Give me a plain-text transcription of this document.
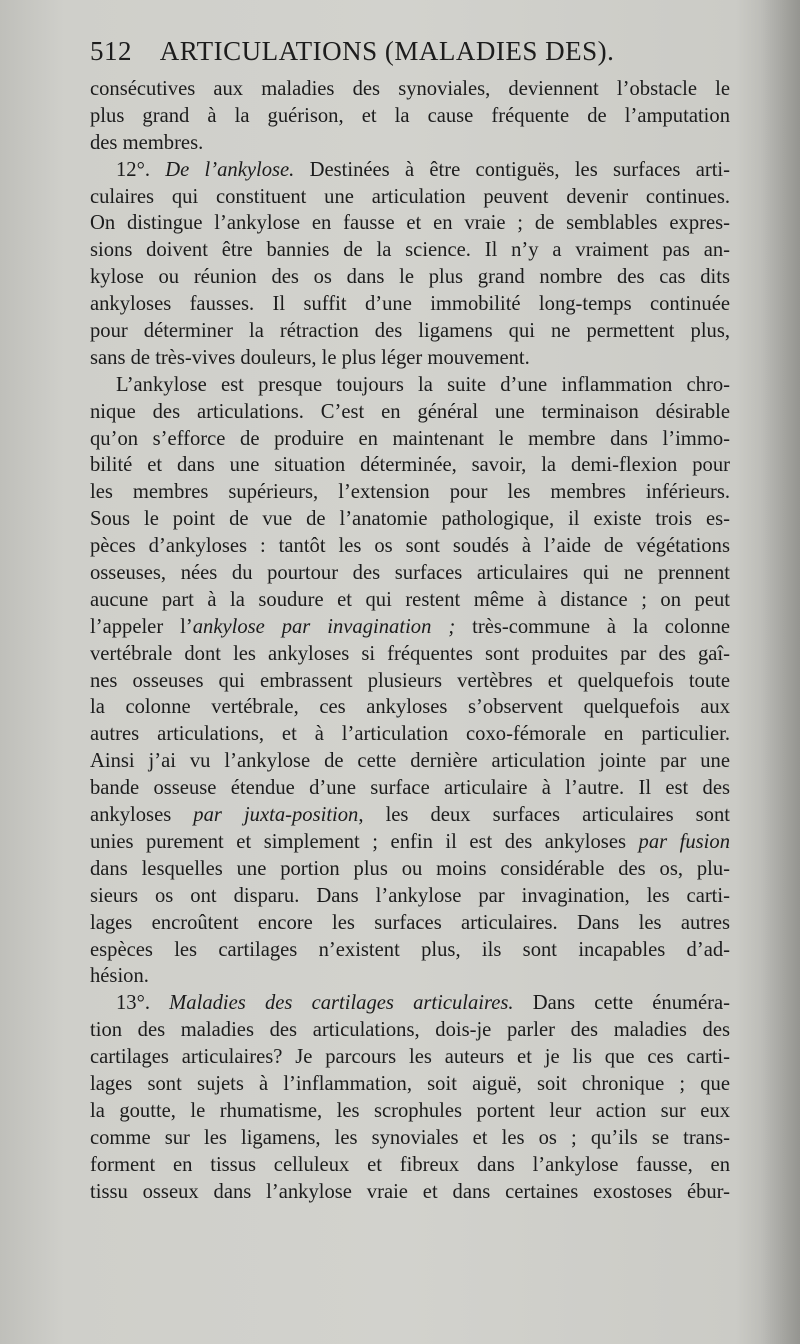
512 ARTICULATIONS (MALADIES DES).
consécutives aux maladies des synoviales, deviennent l’obstacle le
plus grand à la guérison, et la cause fréquente de l’amputation
des membres.
12°. De l’ankylose. Destinées à être contiguës, les surfaces arti-
culaires qui constituent une articulation peuvent devenir continues.
On distingue l’ankylose en fausse et en vraie ; de semblables expres-
sions doivent être bannies de la science. Il n’y a vraiment pas an-
kylose ou réunion des os dans le plus grand nombre des cas dits
ankyloses fausses. Il suffit d’une immobilité long-temps continuée
pour déterminer la rétraction des ligamens qui ne permettent plus,
sans de très-vives douleurs, le plus léger mouvement.
L’ankylose est presque toujours la suite d’une inflammation chro-
nique des articulations. C’est en général une terminaison désirable
qu’on s’efforce de produire en maintenant le membre dans l’immo-
bilité et dans une situation déterminée, savoir, la demi-flexion pour
les membres supérieurs, l’extension pour les membres inférieurs.
Sous le point de vue de l’anatomie pathologique, il existe trois es-
pèces d’ankyloses : tantôt les os sont soudés à l’aide de végétations
osseuses, nées du pourtour des surfaces articulaires qui ne prennent
aucune part à la soudure et qui restent même à distance ; on peut
l’appeler l’ankylose par invagination ; très-commune à la colonne
vertébrale dont les ankyloses si fréquentes sont produites par des gaî-
nes osseuses qui embrassent plusieurs vertèbres et quelquefois toute
la colonne vertébrale, ces ankyloses s’observent quelquefois aux
autres articulations, et à l’articulation coxo-fémorale en particulier.
Ainsi j’ai vu l’ankylose de cette dernière articulation jointe par une
bande osseuse étendue d’une surface articulaire à l’autre. Il est des
ankyloses par juxta-position, les deux surfaces articulaires sont
unies purement et simplement ; enfin il est des ankyloses par fusion
dans lesquelles une portion plus ou moins considérable des os, plu-
sieurs os ont disparu. Dans l’ankylose par invagination, les carti-
lages encroûtent encore les surfaces articulaires. Dans les autres
espèces les cartilages n’existent plus, ils sont incapables d’ad-
hésion.
13°. Maladies des cartilages articulaires. Dans cette énuméra-
tion des maladies des articulations, dois-je parler des maladies des
cartilages articulaires? Je parcours les auteurs et je lis que ces carti-
lages sont sujets à l’inflammation, soit aiguë, soit chronique ; que
la goutte, le rhumatisme, les scrophules portent leur action sur eux
comme sur les ligamens, les synoviales et les os ; qu’ils se trans-
forment en tissus celluleux et fibreux dans l’ankylose fausse, en
tissu osseux dans l’ankylose vraie et dans certaines exostoses ébur-
